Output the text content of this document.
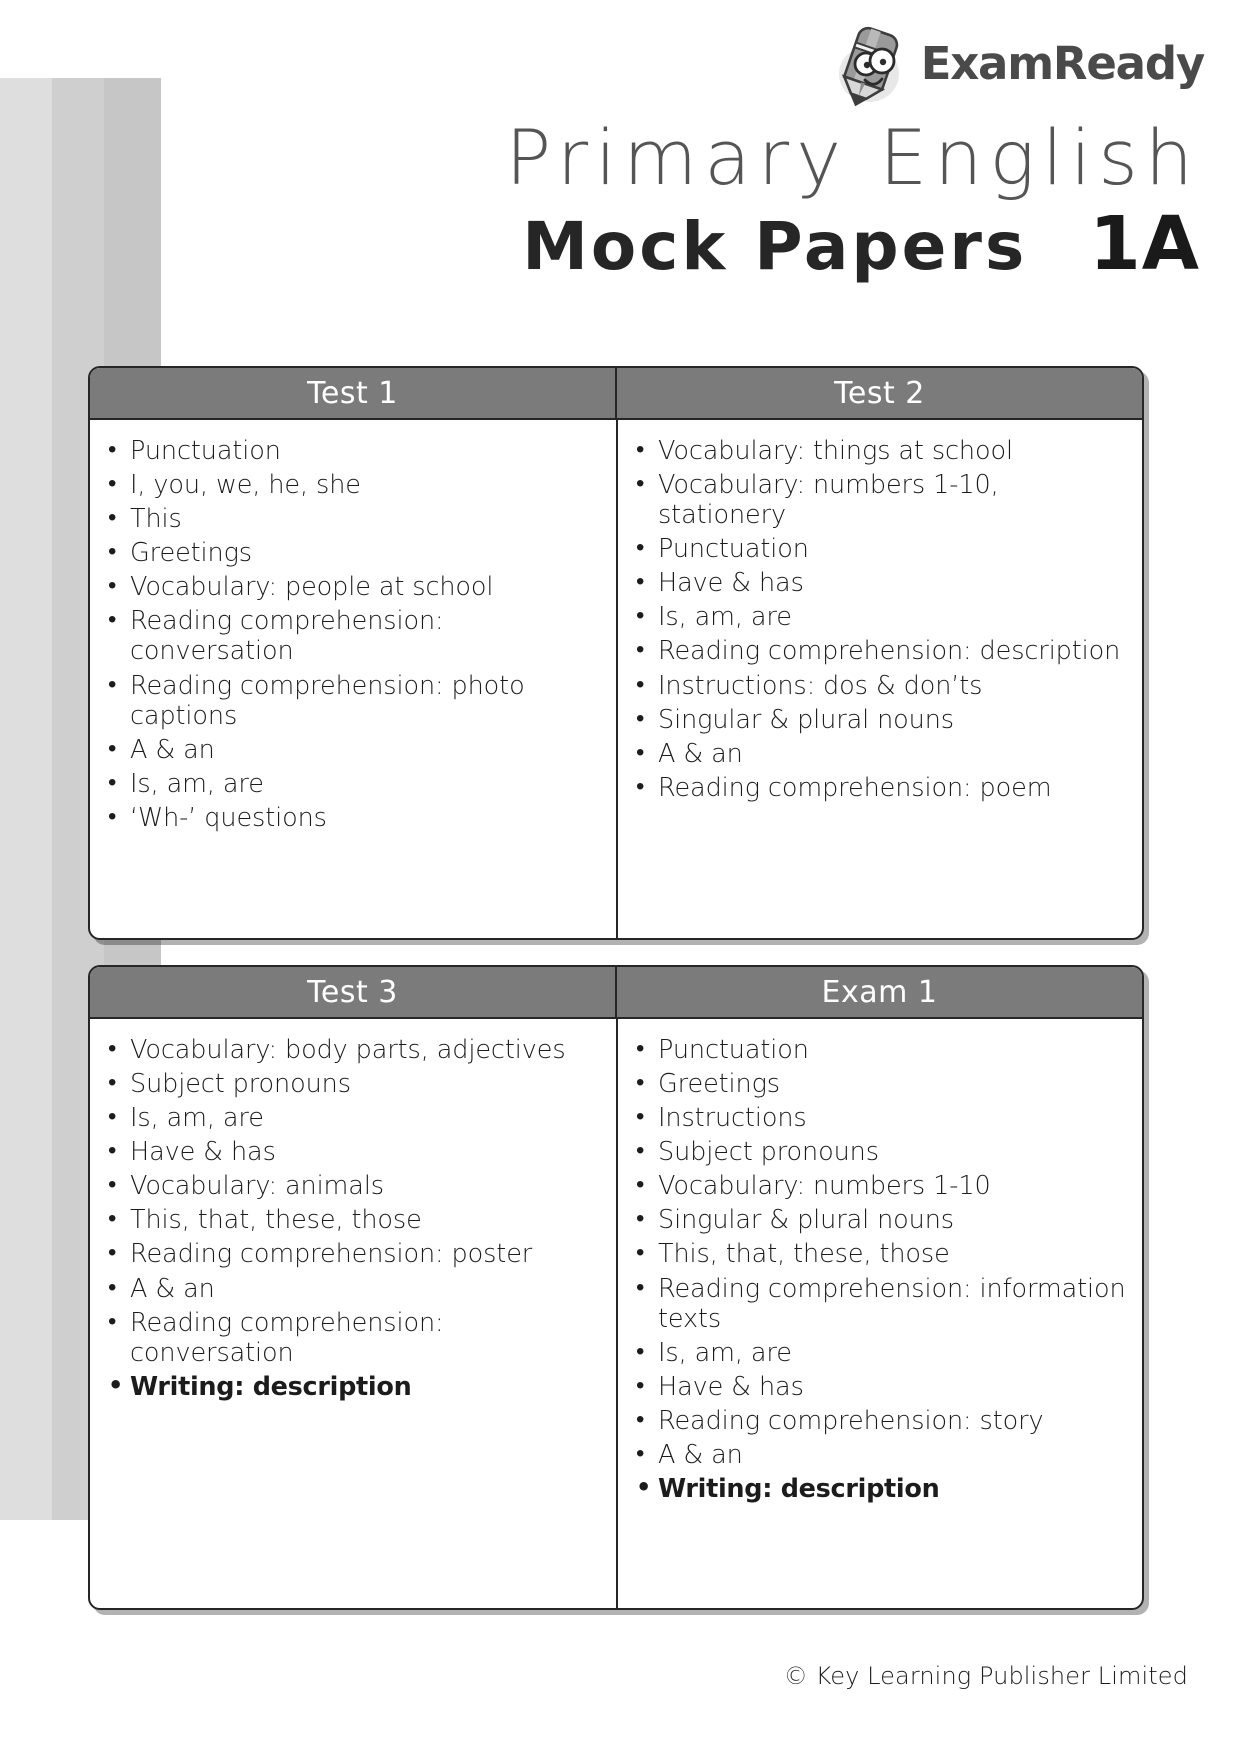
ExamReady
Primary English
Mock Papers 1A
Test 1	Test 2
• Punctuation
• I, you, we, he, she
• This
• Greetings
• Vocabulary: people at school
• Reading comprehension: conversation
• Reading comprehension: photo captions
• A & an
• Is, am, are
• ‘Wh-’ questions
• Vocabulary: things at school
• Vocabulary: numbers 1-10, stationery
• Punctuation
• Have & has
• Is, am, are
• Reading comprehension: description
• Instructions: dos & don’ts
• Singular & plural nouns
• A & an
• Reading comprehension: poem
Test 3	Exam 1
• Vocabulary: body parts, adjectives
• Subject pronouns
• Is, am, are
• Have & has
• Vocabulary: animals
• This, that, these, those
• Reading comprehension: poster
• A & an
• Reading comprehension: conversation
• Writing: description
• Punctuation
• Greetings
• Instructions
• Subject pronouns
• Vocabulary: numbers 1-10
• Singular & plural nouns
• This, that, these, those
• Reading comprehension: information texts
• Is, am, are
• Have & has
• Reading comprehension: story
• A & an
• Writing: description
© Key Learning Publisher Limited
